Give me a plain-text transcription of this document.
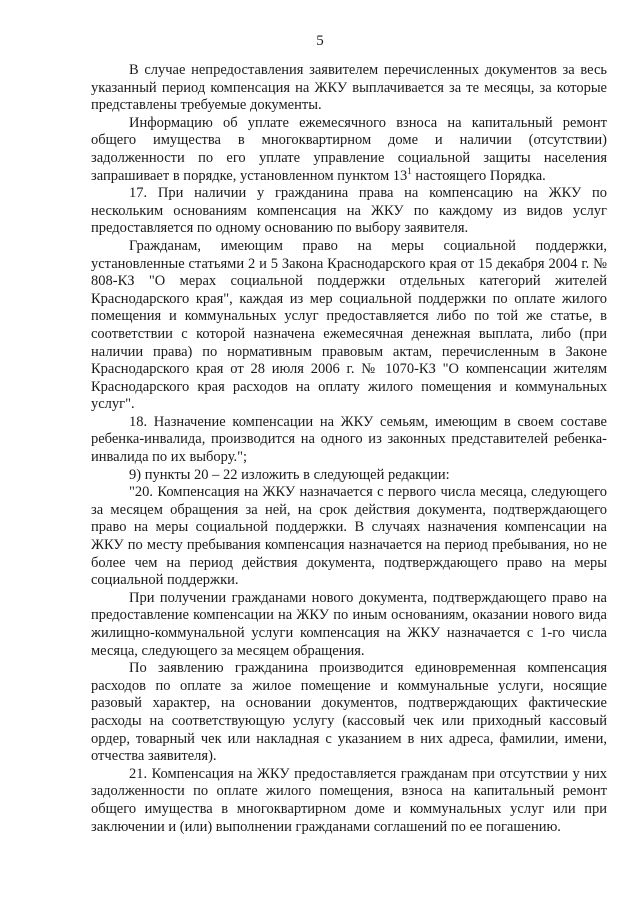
5

В случае непредоставления заявителем перечисленных документов за весь указанный период компенсация на ЖКУ выплачивается за те месяцы, за которые представлены требуемые документы.

Информацию об уплате ежемесячного взноса на капитальный ремонт общего имущества в многоквартирном доме и наличии (отсутствии) задолженности по его уплате управление социальной защиты населения запрашивает в порядке, установленном пунктом $13^1$ настоящего Порядка.

17. При наличии у гражданина права на компенсацию на ЖКУ по нескольким основаниям компенсация на ЖКУ по каждому из видов услуг предоставляется по одному основанию по выбору заявителя.

Гражданам, имеющим право на меры социальной поддержки, установленные статьями 2 и 5 Закона Краснодарского края от 15 декабря 2004 г. № 808-КЗ "О мерах социальной поддержки отдельных категорий жителей Краснодарского края", каждая из мер социальной поддержки по оплате жилого помещения и коммунальных услуг предоставляется либо по той же статье, в соответствии с которой назначена ежемесячная денежная выплата, либо (при наличии права) по нормативным правовым актам, перечисленным в Законе Краснодарского края от 28 июля 2006 г. № 1070-КЗ "О компенсации жителям Краснодарского края расходов на оплату жилого помещения и коммунальных услуг".

18. Назначение компенсации на ЖКУ семьям, имеющим в своем составе ребенка-инвалида, производится на одного из законных представителей ребенка-инвалида по их выбору.";

9) пункты 20 – 22 изложить в следующей редакции:

"20. Компенсация на ЖКУ назначается с первого числа месяца, следующего за месяцем обращения за ней, на срок действия документа, подтверждающего право на меры социальной поддержки. В случаях назначения компенсации на ЖКУ по месту пребывания компенсация назначается на период пребывания, но не более чем на период действия документа, подтверждающего право на меры социальной поддержки.

При получении гражданами нового документа, подтверждающего право на предоставление компенсации на ЖКУ по иным основаниям, оказании нового вида жилищно-коммунальной услуги компенсация на ЖКУ назначается с 1-го числа месяца, следующего за месяцем обращения.

По заявлению гражданина производится единовременная компенсация расходов по оплате за жилое помещение и коммунальные услуги, носящие разовый характер, на основании документов, подтверждающих фактические расходы на соответствующую услугу (кассовый чек или приходный кассовый ордер, товарный чек или накладная с указанием в них адреса, фамилии, имени, отчества заявителя).

21. Компенсация на ЖКУ предоставляется гражданам при отсутствии у них задолженности по оплате жилого помещения, взноса на капитальный ремонт общего имущества в многоквартирном доме и коммунальных услуг или при заключении и (или) выполнении гражданами соглашений по ее погашению.
